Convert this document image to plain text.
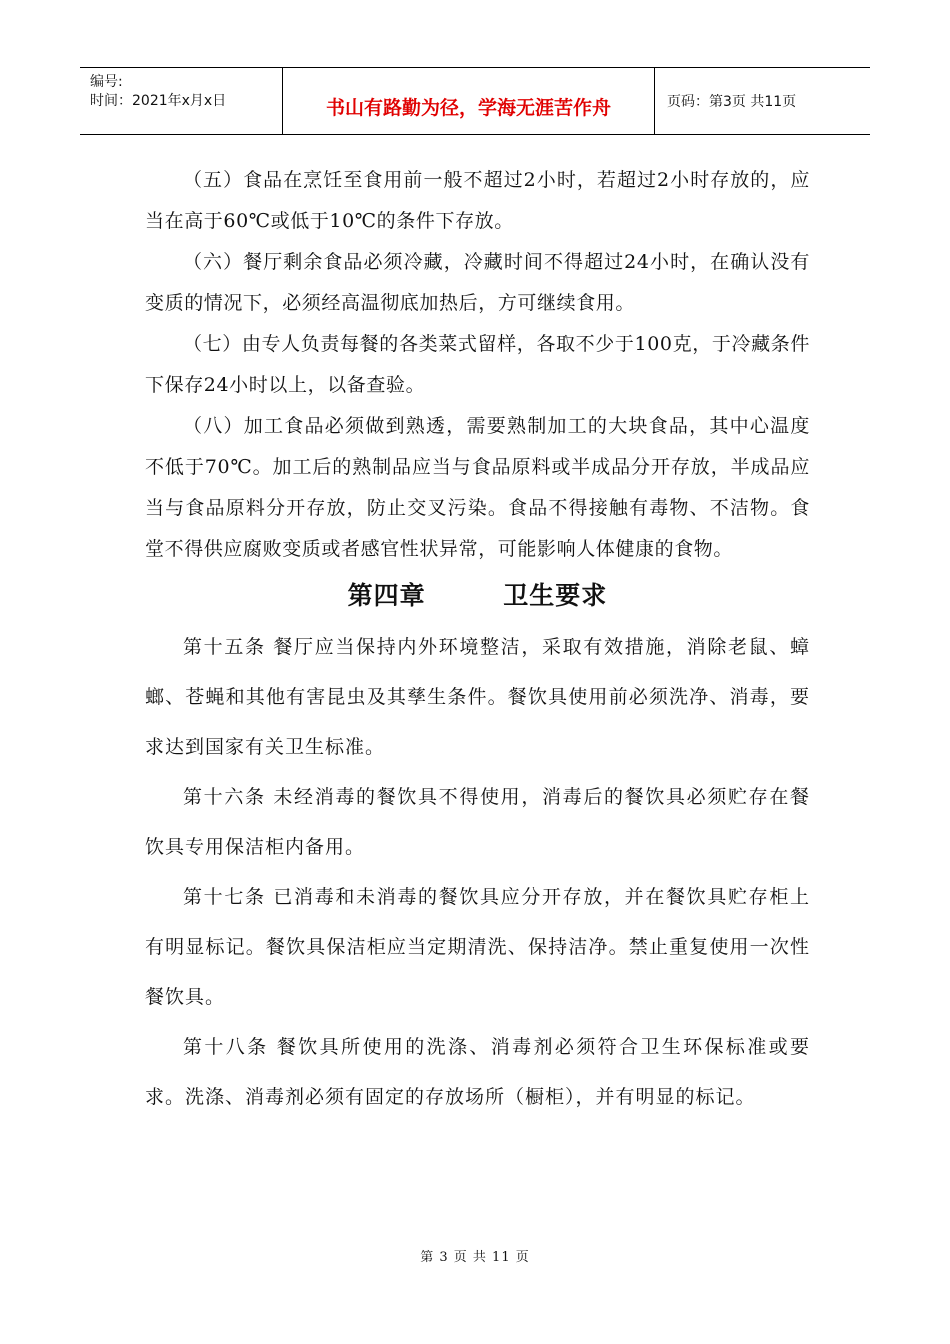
编号:
时间：2021年x月x日	书山有路勤为径，学海无涯苦作舟	页码：第3页 共11页

（五）食品在烹饪至食用前一般不超过2小时，若超过2小时存放的，应当在高于60℃或低于10℃的条件下存放。

（六）餐厅剩余食品必须冷藏，冷藏时间不得超过24小时，在确认没有变质的情况下，必须经高温彻底加热后，方可继续食用。

（七）由专人负责每餐的各类菜式留样，各取不少于100克，于冷藏条件下保存24小时以上，以备查验。

（八）加工食品必须做到熟透，需要熟制加工的大块食品，其中心温度不低于70℃。加工后的熟制品应当与食品原料或半成品分开存放，半成品应当与食品原料分开存放，防止交叉污染。食品不得接触有毒物、不洁物。食堂不得供应腐败变质或者感官性状异常，可能影响人体健康的食物。

第四章        卫生要求

第十五条 餐厅应当保持内外环境整洁，采取有效措施，消除老鼠、蟑螂、苍蝇和其他有害昆虫及其孳生条件。餐饮具使用前必须洗净、消毒，要求达到国家有关卫生标准。

第十六条 未经消毒的餐饮具不得使用，消毒后的餐饮具必须贮存在餐饮具专用保洁柜内备用。

第十七条 已消毒和未消毒的餐饮具应分开存放，并在餐饮具贮存柜上有明显标记。餐饮具保洁柜应当定期清洗、保持洁净。禁止重复使用一次性餐饮具。

第十八条 餐饮具所使用的洗涤、消毒剂必须符合卫生环保标准或要求。洗涤、消毒剂必须有固定的存放场所（橱柜），并有明显的标记。

第 3 页 共 11 页
